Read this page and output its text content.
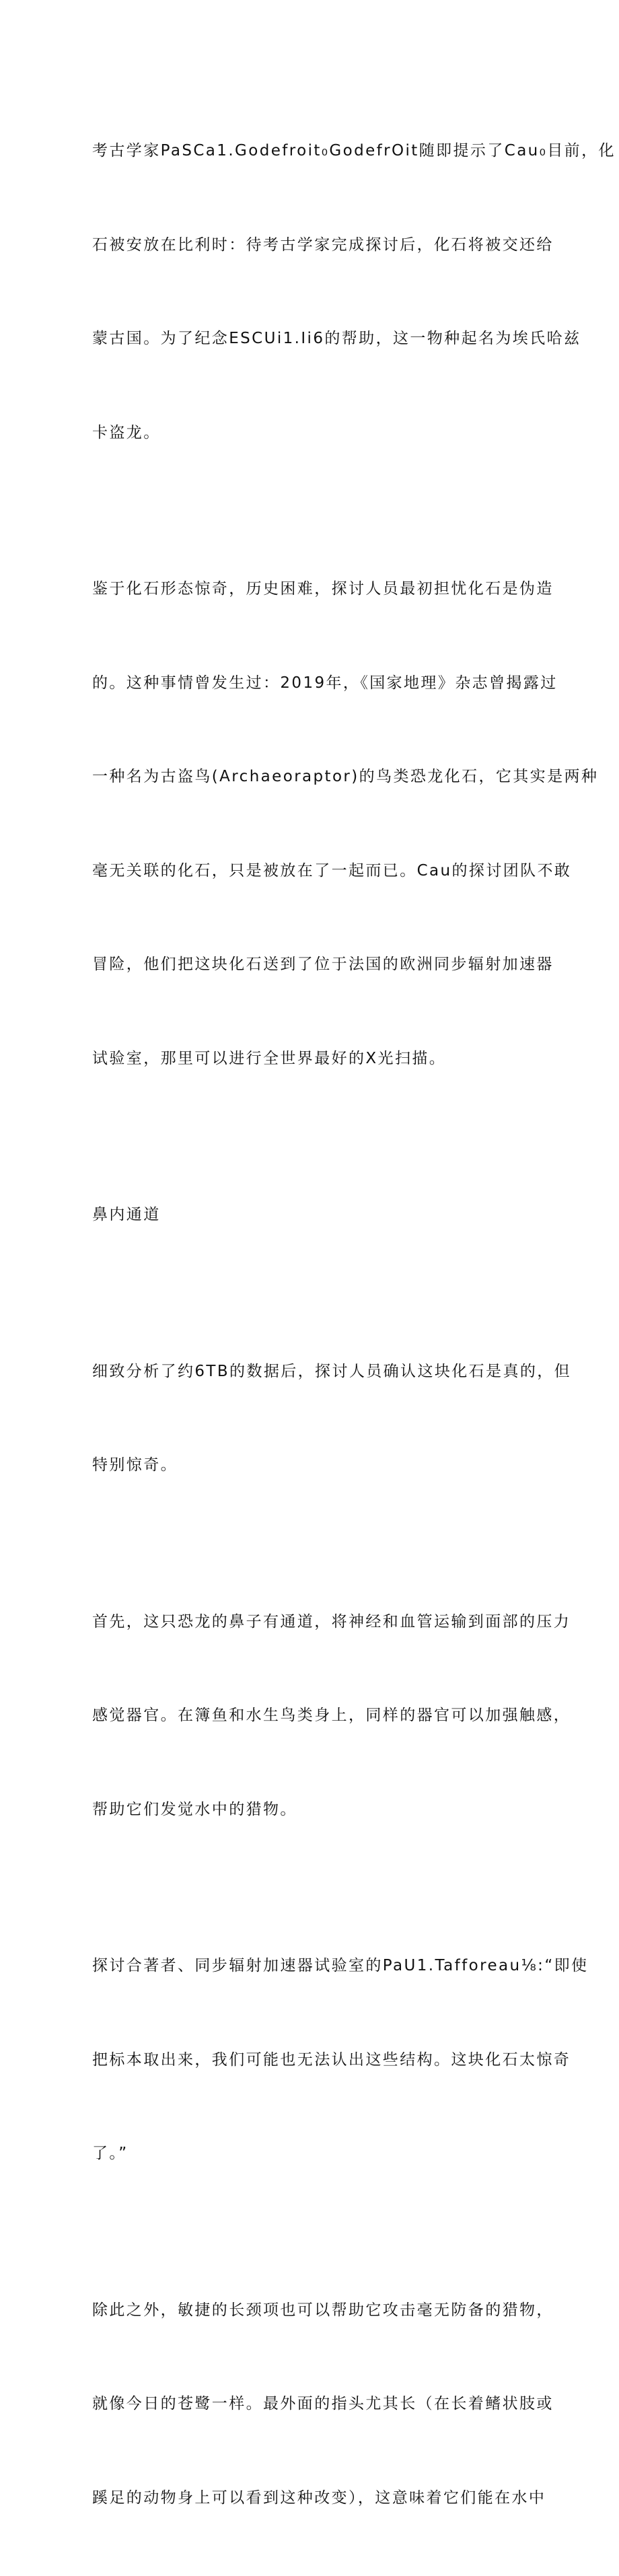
考古学家PaSCa1.Godefroit₀GodefrOit随即提示了Cau₀目前，化

石被安放在比利时：待考古学家完成探讨后，化石将被交还给

蒙古国。为了纪念ESCUi1.Ii6的帮助，这一物种起名为埃氏哈兹

卡盗龙。

鉴于化石形态惊奇，历史困难，探讨人员最初担忧化石是伪造

的。这种事情曾发生过：2019年，《国家地理》杂志曾揭露过

一种名为古盗鸟(Archaeoraptor)的鸟类恐龙化石，它其实是两种

毫无关联的化石，只是被放在了一起而已。Cau的探讨团队不敢

冒险，他们把这块化石送到了位于法国的欧洲同步辐射加速器

试验室，那里可以进行全世界最好的X光扫描。

鼻内通道

细致分析了约6TB的数据后，探讨人员确认这块化石是真的，但

特别惊奇。

首先，这只恐龙的鼻子有通道，将神经和血管运输到面部的压力

感觉器官。在簿鱼和水生鸟类身上，同样的器官可以加强触感，

帮助它们发觉水中的猎物。

探讨合著者、同步辐射加速器试验室的PaU1.Tafforeau⅛:“即使

把标本取出来，我们可能也无法认出这些结构。这块化石太惊奇

了。”

除此之外，敏捷的长颈项也可以帮助它攻击毫无防备的猎物，

就像今日的苍鹭一样。最外面的指头尤其长（在长着鳍状肢或

蹊足的动物身上可以看到这种改变），这意味着它们能在水中
